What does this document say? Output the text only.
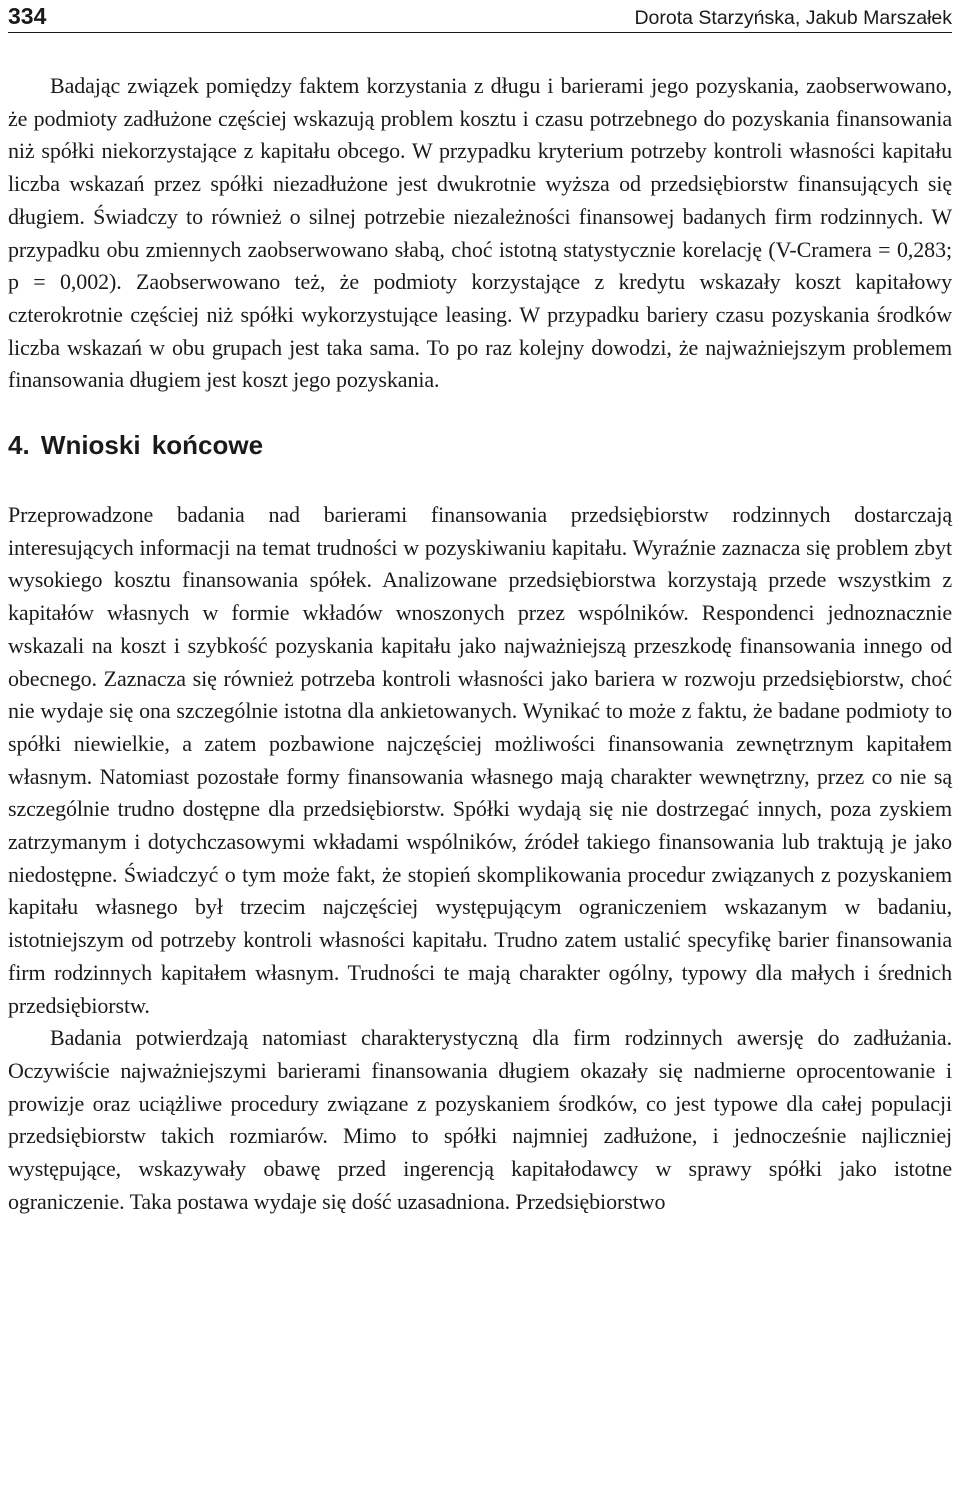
334	Dorota Starzyńska, Jakub Marszałek

Badając związek pomiędzy faktem korzystania z długu i barierami jego pozyskania, zaobserwowano, że podmioty zadłużone częściej wskazują problem kosztu i czasu potrzebnego do pozyskania finansowania niż spółki niekorzystające z kapitału obcego. W przypadku kryterium potrzeby kontroli własności kapitału liczba wskazań przez spółki niezadłużone jest dwukrotnie wyższa od przedsiębiorstw finansujących się długiem. Świadczy to również o silnej potrzebie niezależności finansowej badanych firm rodzinnych. W przypadku obu zmiennych zaobserwowano słabą, choć istotną statystycznie korelację (V-Cramera = 0,283; p = 0,002). Zaobserwowano też, że podmioty korzystające z kredytu wskazały koszt kapitałowy czterokrotnie częściej niż spółki wykorzystujące leasing. W przypadku bariery czasu pozyskania środków liczba wskazań w obu grupach jest taka sama. To po raz kolejny dowodzi, że najważniejszym problemem finansowania długiem jest koszt jego pozyskania.

4. Wnioski końcowe

Przeprowadzone badania nad barierami finansowania przedsiębiorstw rodzinnych dostarczają interesujących informacji na temat trudności w pozyskiwaniu kapitału. Wyraźnie zaznacza się problem zbyt wysokiego kosztu finansowania spółek. Analizowane przedsiębiorstwa korzystają przede wszystkim z kapitałów własnych w formie wkładów wnoszonych przez wspólników. Respondenci jednoznacznie wskazali na koszt i szybkość pozyskania kapitału jako najważniejszą przeszkodę finansowania innego od obecnego. Zaznacza się również potrzeba kontroli własności jako bariera w rozwoju przedsiębiorstw, choć nie wydaje się ona szczególnie istotna dla ankietowanych. Wynikać to może z faktu, że badane podmioty to spółki niewielkie, a zatem pozbawione najczęściej możliwości finansowania zewnętrznym kapitałem własnym. Natomiast pozostałe formy finansowania własnego mają charakter wewnętrzny, przez co nie są szczególnie trudno dostępne dla przedsiębiorstw. Spółki wydają się nie dostrzegać innych, poza zyskiem zatrzymanym i dotychczasowymi wkładami wspólników, źródeł takiego finansowania lub traktują je jako niedostępne. Świadczyć o tym może fakt, że stopień skomplikowania procedur związanych z pozyskaniem kapitału własnego był trzecim najczęściej występującym ograniczeniem wskazanym w badaniu, istotniejszym od potrzeby kontroli własności kapitału. Trudno zatem ustalić specyfikę barier finansowania firm rodzinnych kapitałem własnym. Trudności te mają charakter ogólny, typowy dla małych i średnich przedsiębiorstw.

Badania potwierdzają natomiast charakterystyczną dla firm rodzinnych awersję do zadłużania. Oczywiście najważniejszymi barierami finansowania długiem okazały się nadmierne oprocentowanie i prowizje oraz uciążliwe procedury związane z pozyskaniem środków, co jest typowe dla całej populacji przedsiębiorstw takich rozmiarów. Mimo to spółki najmniej zadłużone, i jednocześnie najliczniej występujące, wskazywały obawę przed ingerencją kapitałodawcy w sprawy spółki jako istotne ograniczenie. Taka postawa wydaje się dość uzasadniona. Przedsiębiorstwo
